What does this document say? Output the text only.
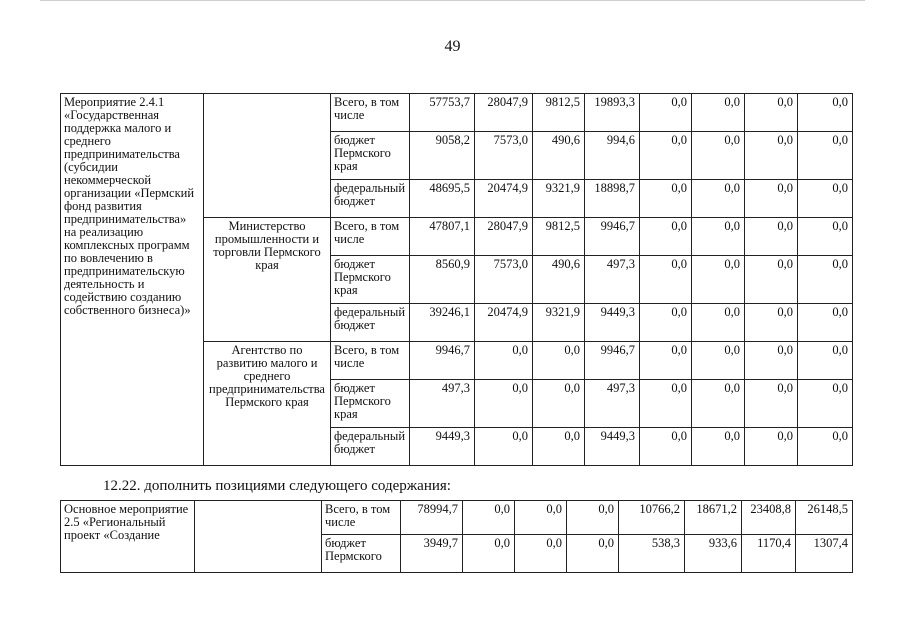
49
Мероприятие 2.4.1 «Государственная поддержка малого и среднего предпринимательства (субсидии некоммерческой организации «Пермский фонд развития предпринимательства» на реализацию комплексных программ по вовлечению в предпринимательскую деятельность и содействию созданию собственного бизнеса)»		Всего, в том числе	57753,7	28047,9	9812,5	19893,3	0,0	0,0	0,0	0,0
		бюджет Пермского края	9058,2	7573,0	490,6	994,6	0,0	0,0	0,0	0,0
		федеральный бюджет	48695,5	20474,9	9321,9	18898,7	0,0	0,0	0,0	0,0
	Министерство промышленности и торговли Пермского края	Всего, в том числе	47807,1	28047,9	9812,5	9946,7	0,0	0,0	0,0	0,0
		бюджет Пермского края	8560,9	7573,0	490,6	497,3	0,0	0,0	0,0	0,0
		федеральный бюджет	39246,1	20474,9	9321,9	9449,3	0,0	0,0	0,0	0,0
	Агентство по развитию малого и среднего предпринимательства Пермского края	Всего, в том числе	9946,7	0,0	0,0	9946,7	0,0	0,0	0,0	0,0
		бюджет Пермского края	497,3	0,0	0,0	497,3	0,0	0,0	0,0	0,0
		федеральный бюджет	9449,3	0,0	0,0	9449,3	0,0	0,0	0,0	0,0
12.22. дополнить позициями следующего содержания:
Основное мероприятие 2.5 «Региональный проект «Создание		Всего, в том числе	78994,7	0,0	0,0	0,0	10766,2	18671,2	23408,8	26148,5
		бюджет Пермского	3949,7	0,0	0,0	0,0	538,3	933,6	1170,4	1307,4
